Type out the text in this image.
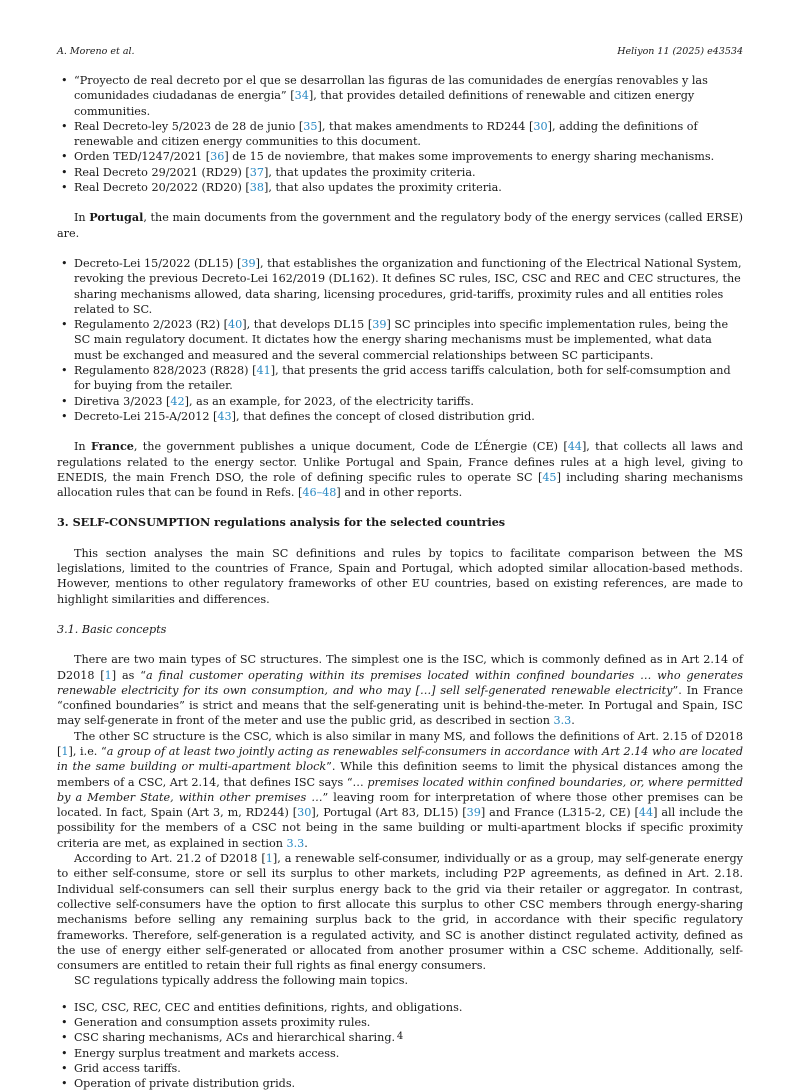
A. Moreno et al.	Heliyon 11 (2025) e43534
• “Proyecto de real decreto por el que se desarrollan las figuras de las comunidades de energías renovables y las comunidades ciudadanas de energia” [34], that provides detailed definitions of renewable and citizen energy communities.
• Real Decreto-ley 5/2023 de 28 de junio [35], that makes amendments to RD244 [30], adding the definitions of renewable and citizen energy communities to this document.
• Orden TED/1247/2021 [36] de 15 de noviembre, that makes some improvements to energy sharing mechanisms.
• Real Decreto 29/2021 (RD29) [37], that updates the proximity criteria.
• Real Decreto 20/2022 (RD20) [38], that also updates the proximity criteria.

In Portugal, the main documents from the government and the regulatory body of the energy services (called ERSE) are.

• Decreto-Lei 15/2022 (DL15) [39], that establishes the organization and functioning of the Electrical National System, revoking the previous Decreto-Lei 162/2019 (DL162). It defines SC rules, ISC, CSC and REC and CEC structures, the sharing mechanisms allowed, data sharing, licensing procedures, grid-tariffs, proximity rules and all entities roles related to SC.
• Regulamento 2/2023 (R2) [40], that develops DL15 [39] SC principles into specific implementation rules, being the SC main regulatory document. It dictates how the energy sharing mechanisms must be implemented, what data must be exchanged and measured and the several commercial relationships between SC participants.
• Regulamento 828/2023 (R828) [41], that presents the grid access tariffs calculation, both for self-comsumption and for buying from the retailer.
• Diretiva 3/2023 [42], as an example, for 2023, of the electricity tariffs.
• Decreto-Lei 215-A/2012 [43], that defines the concept of closed distribution grid.

In France, the government publishes a unique document, Code de L’Énergie (CE) [44], that collects all laws and regulations related to the energy sector. Unlike Portugal and Spain, France defines rules at a high level, giving to ENEDIS, the main French DSO, the role of defining specific rules to operate SC [45] including sharing mechanisms allocation rules that can be found in Refs. [46–48] and in other reports.

3. SELF-CONSUMPTION regulations analysis for the selected countries

This section analyses the main SC definitions and rules by topics to facilitate comparison between the MS legislations, limited to the countries of France, Spain and Portugal, which adopted similar allocation-based methods. However, mentions to other regulatory frameworks of other EU countries, based on existing references, are made to highlight similarities and differences.

3.1. Basic concepts

There are two main types of SC structures. The simplest one is the ISC, which is commonly defined as in Art 2.14 of D2018 [1] as “a final customer operating within its premises located within confined boundaries … who generates renewable electricity for its own consumption, and who may […] sell self-generated renewable electricity”. In France “confined boundaries” is strict and means that the self-generating unit is behind-the-meter. In Portugal and Spain, ISC may self-generate in front of the meter and use the public grid, as described in section 3.3.

The other SC structure is the CSC, which is also similar in many MS, and follows the definitions of Art. 2.15 of D2018 [1], i.e. “a group of at least two jointly acting as renewables self-consumers in accordance with Art 2.14 who are located in the same building or multi-apartment block”. While this definition seems to limit the physical distances among the members of a CSC, Art 2.14, that defines ISC says “… premises located within confined boundaries, or, where permitted by a Member State, within other premises …” leaving room for interpretation of where those other premises can be located. In fact, Spain (Art 3, m, RD244) [30], Portugal (Art 83, DL15) [39] and France (L315-2, CE) [44] all include the possibility for the members of a CSC not being in the same building or multi-apartment blocks if specific proximity criteria are met, as explained in section 3.3.

According to Art. 21.2 of D2018 [1], a renewable self-consumer, individually or as a group, may self-generate energy to either self-consume, store or sell its surplus to other markets, including P2P agreements, as defined in Art. 2.18. Individual self-consumers can sell their surplus energy back to the grid via their retailer or aggregator. In contrast, collective self-consumers have the option to first allocate this surplus to other CSC members through energy-sharing mechanisms before selling any remaining surplus back to the grid, in accordance with their specific regulatory frameworks. Therefore, self-generation is a regulated activity, and SC is another distinct regulated activity, defined as the use of energy either self-generated or allocated from another prosumer within a CSC scheme. Additionally, self-consumers are entitled to retain their full rights as final energy consumers.

SC regulations typically address the following main topics.

• ISC, CSC, REC, CEC and entities definitions, rights, and obligations.
• Generation and consumption assets proximity rules.
• CSC sharing mechanisms, ACs and hierarchical sharing.
• Energy surplus treatment and markets access.
• Grid access tariffs.
• Operation of private distribution grids.
4
